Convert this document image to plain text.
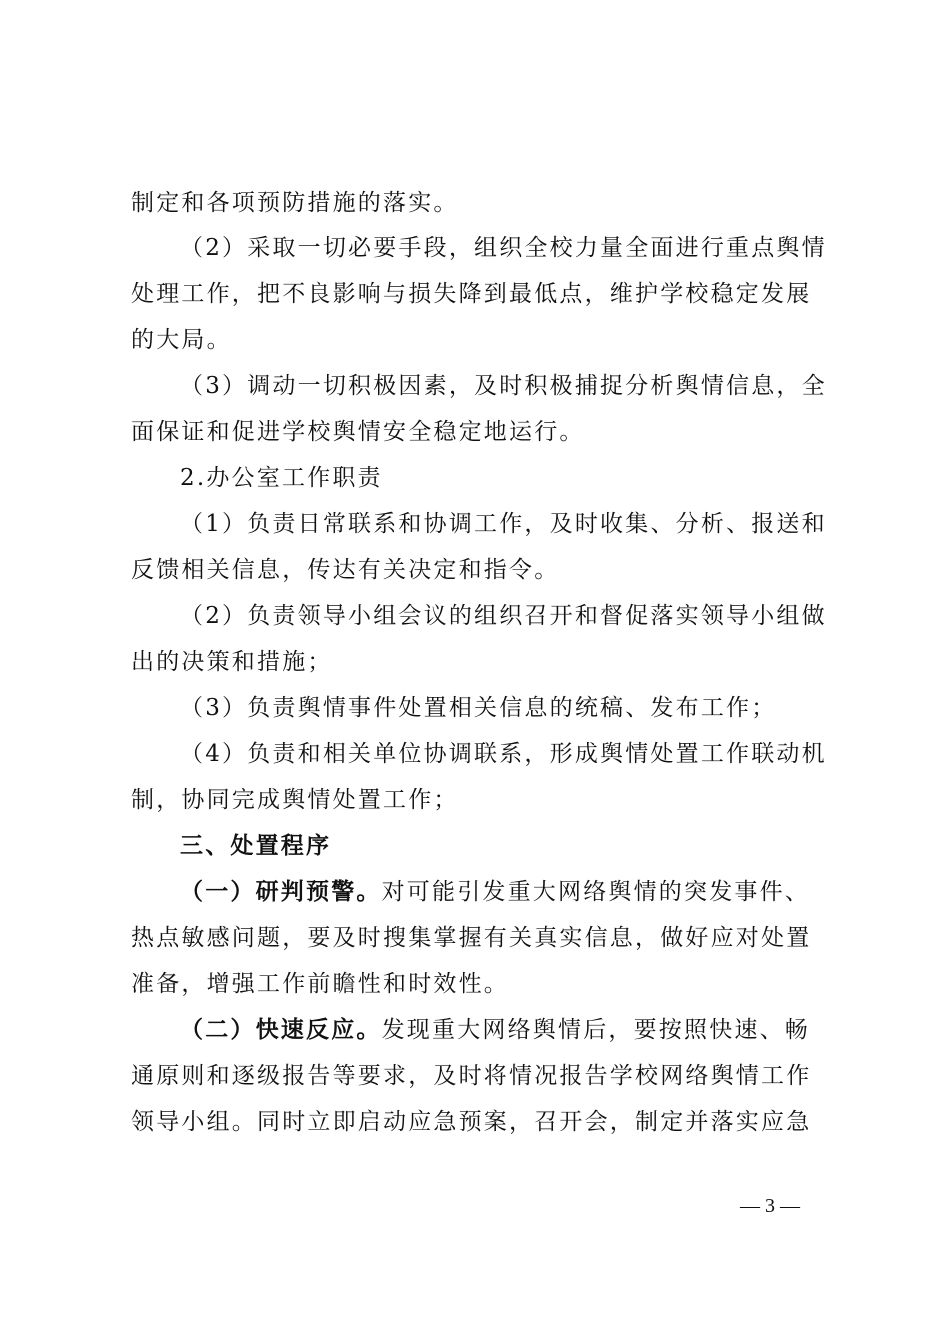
制定和各项预防措施的落实。
（2）采取一切必要手段，组织全校力量全面进行重点舆情
处理工作，把不良影响与损失降到最低点，维护学校稳定发展
的大局。
（3）调动一切积极因素，及时积极捕捉分析舆情信息，全
面保证和促进学校舆情安全稳定地运行。
2.办公室工作职责
（1）负责日常联系和协调工作，及时收集、分析、报送和
反馈相关信息，传达有关决定和指令。
（2）负责领导小组会议的组织召开和督促落实领导小组做
出的决策和措施；
（3）负责舆情事件处置相关信息的统稿、发布工作；
（4）负责和相关单位协调联系，形成舆情处置工作联动机
制，协同完成舆情处置工作；
三、处置程序
（一）研判预警。对可能引发重大网络舆情的突发事件、
热点敏感问题，要及时搜集掌握有关真实信息，做好应对处置
准备，增强工作前瞻性和时效性。
（二）快速反应。发现重大网络舆情后，要按照快速、畅
通原则和逐级报告等要求，及时将情况报告学校网络舆情工作
领导小组。同时立即启动应急预案，召开会，制定并落实应急
— 3 —
